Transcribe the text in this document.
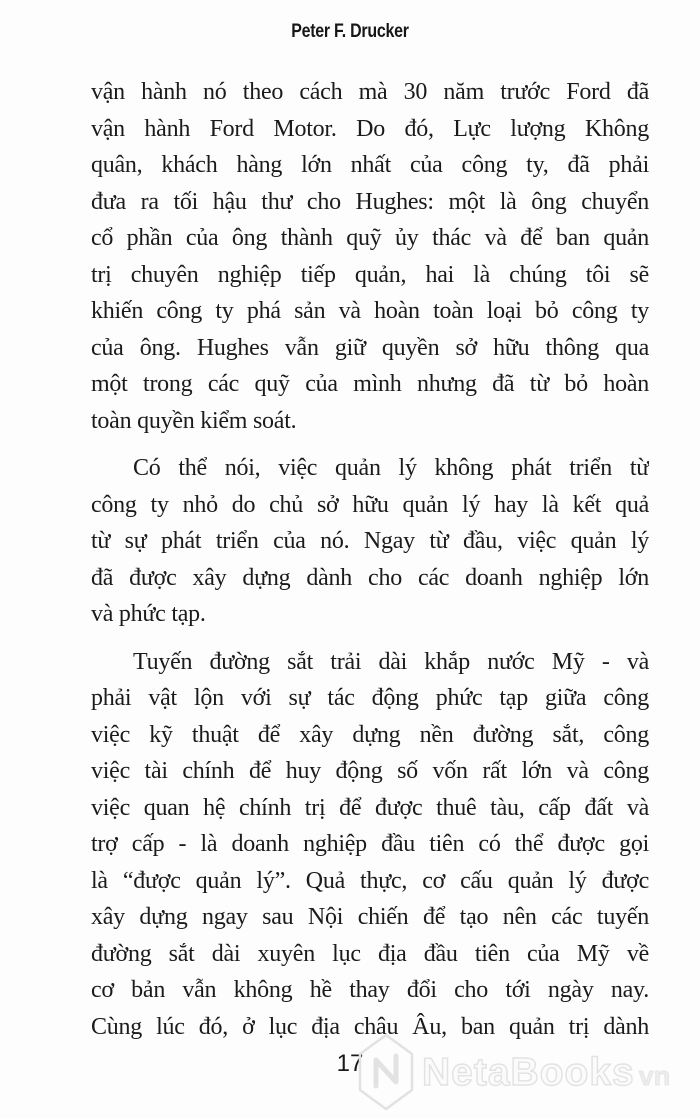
Peter F. Drucker
vận hành nó theo cách mà 30 năm trước Ford đã
vận hành Ford Motor. Do đó, Lực lượng Không
quân, khách hàng lớn nhất của công ty, đã phải
đưa ra tối hậu thư cho Hughes: một là ông chuyển
cổ phần của ông thành quỹ ủy thác và để ban quản
trị chuyên nghiệp tiếp quản, hai là chúng tôi sẽ
khiến công ty phá sản và hoàn toàn loại bỏ công ty
của ông. Hughes vẫn giữ quyền sở hữu thông qua
một trong các quỹ của mình nhưng đã từ bỏ hoàn
toàn quyền kiểm soát.
Có thể nói, việc quản lý không phát triển từ
công ty nhỏ do chủ sở hữu quản lý hay là kết quả
từ sự phát triển của nó. Ngay từ đầu, việc quản lý
đã được xây dựng dành cho các doanh nghiệp lớn
và phức tạp.
Tuyến đường sắt trải dài khắp nước Mỹ - và
phải vật lộn với sự tác động phức tạp giữa công
việc kỹ thuật để xây dựng nền đường sắt, công
việc tài chính để huy động số vốn rất lớn và công
việc quan hệ chính trị để được thuê tàu, cấp đất và
trợ cấp - là doanh nghiệp đầu tiên có thể được gọi
là “được quản lý”. Quả thực, cơ cấu quản lý được
xây dựng ngay sau Nội chiến để tạo nên các tuyến
đường sắt dài xuyên lục địa đầu tiên của Mỹ về
cơ bản vẫn không hề thay đổi cho tới ngày nay.
Cùng lúc đó, ở lục địa châu Âu, ban quản trị dành
17	NetaBooks vn
